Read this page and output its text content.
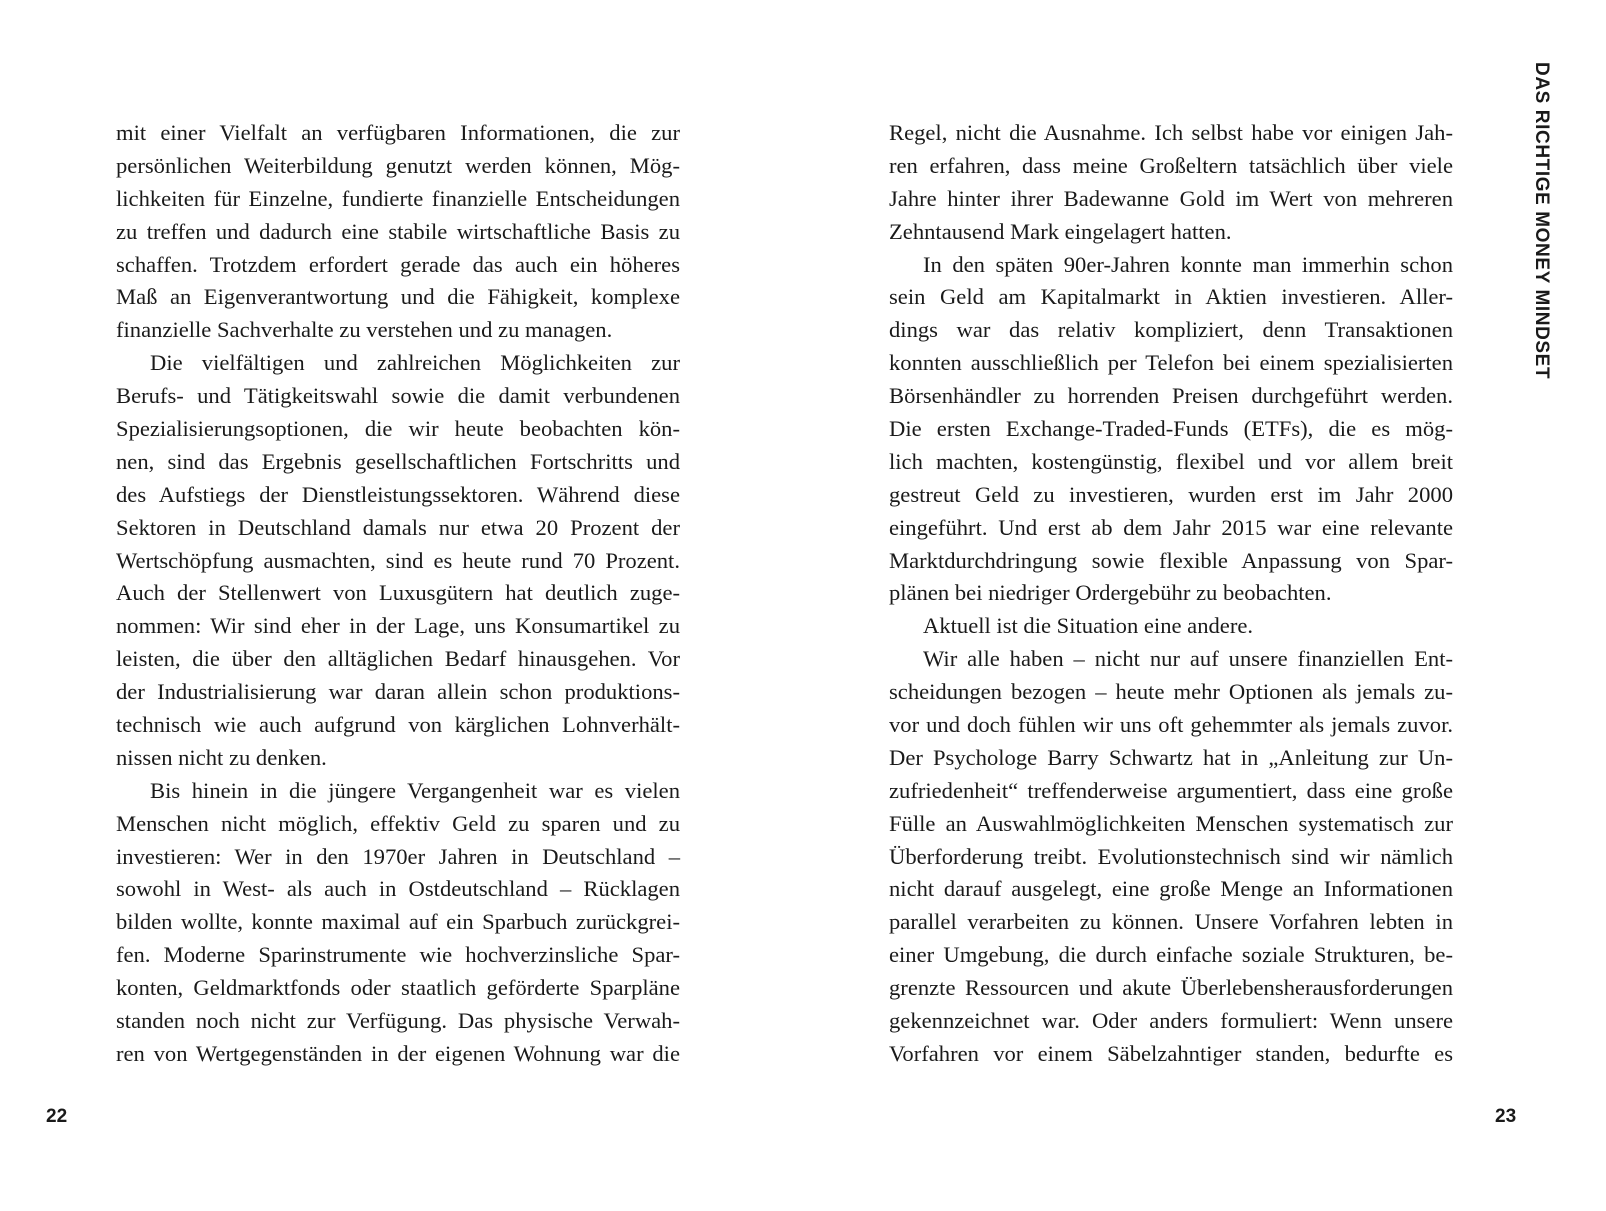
mit einer Vielfalt an verfügbaren Informationen, die zur
persönlichen Weiterbildung genutzt werden können, Mög-
lichkeiten für Einzelne, fundierte finanzielle Entscheidungen
zu treffen und dadurch eine stabile wirtschaftliche Basis zu
schaffen. Trotzdem erfordert gerade das auch ein höheres
Maß an Eigenverantwortung und die Fähigkeit, komplexe
finanzielle Sachverhalte zu verstehen und zu managen.
Die vielfältigen und zahlreichen Möglichkeiten zur
Berufs- und Tätigkeitswahl sowie die damit verbundenen
Spezialisierungsoptionen, die wir heute beobachten kön-
nen, sind das Ergebnis gesellschaftlichen Fortschritts und
des Aufstiegs der Dienstleistungssektoren. Während diese
Sektoren in Deutschland damals nur etwa 20 Prozent der
Wertschöpfung ausmachten, sind es heute rund 70 Prozent.
Auch der Stellenwert von Luxusgütern hat deutlich zuge-
nommen: Wir sind eher in der Lage, uns Konsumartikel zu
leisten, die über den alltäglichen Bedarf hinausgehen. Vor
der Industrialisierung war daran allein schon produktions-
technisch wie auch aufgrund von kärglichen Lohnverhält-
nissen nicht zu denken.
Bis hinein in die jüngere Vergangenheit war es vielen
Menschen nicht möglich, effektiv Geld zu sparen und zu
investieren: Wer in den 1970er Jahren in Deutschland –
sowohl in West- als auch in Ostdeutschland – Rücklagen
bilden wollte, konnte maximal auf ein Sparbuch zurückgrei-
fen. Moderne Sparinstrumente wie hochverzinsliche Spar-
konten, Geldmarktfonds oder staatlich geförderte Sparpläne
standen noch nicht zur Verfügung. Das physische Verwah-
ren von Wertgegenständen in der eigenen Wohnung war die
22
Regel, nicht die Ausnahme. Ich selbst habe vor einigen Jah-
ren erfahren, dass meine Großeltern tatsächlich über viele
Jahre hinter ihrer Badewanne Gold im Wert von mehreren
Zehntausend Mark eingelagert hatten.
In den späten 90er-Jahren konnte man immerhin schon
sein Geld am Kapitalmarkt in Aktien investieren. Aller-
dings war das relativ kompliziert, denn Transaktionen
konnten ausschließlich per Telefon bei einem spezialisierten
Börsenhändler zu horrenden Preisen durchgeführt werden.
Die ersten Exchange-Traded-Funds (ETFs), die es mög-
lich machten, kostengünstig, flexibel und vor allem breit
gestreut Geld zu investieren, wurden erst im Jahr 2000
eingeführt. Und erst ab dem Jahr 2015 war eine relevante
Marktdurchdringung sowie flexible Anpassung von Spar-
plänen bei niedriger Ordergebühr zu beobachten.
Aktuell ist die Situation eine andere.
Wir alle haben – nicht nur auf unsere finanziellen Ent-
scheidungen bezogen – heute mehr Optionen als jemals zu-
vor und doch fühlen wir uns oft gehemmter als jemals zuvor.
Der Psychologe Barry Schwartz hat in „Anleitung zur Un-
zufriedenheit“ treffenderweise argumentiert, dass eine große
Fülle an Auswahlmöglichkeiten Menschen systematisch zur
Überforderung treibt. Evolutionstechnisch sind wir nämlich
nicht darauf ausgelegt, eine große Menge an Informationen
parallel verarbeiten zu können. Unsere Vorfahren lebten in
einer Umgebung, die durch einfache soziale Strukturen, be-
grenzte Ressourcen und akute Überlebensherausforderungen
gekennzeichnet war. Oder anders formuliert: Wenn unsere
Vorfahren vor einem Säbelzahntiger standen, bedurfte es
DAS RICHTIGE MONEY MINDSET
23
